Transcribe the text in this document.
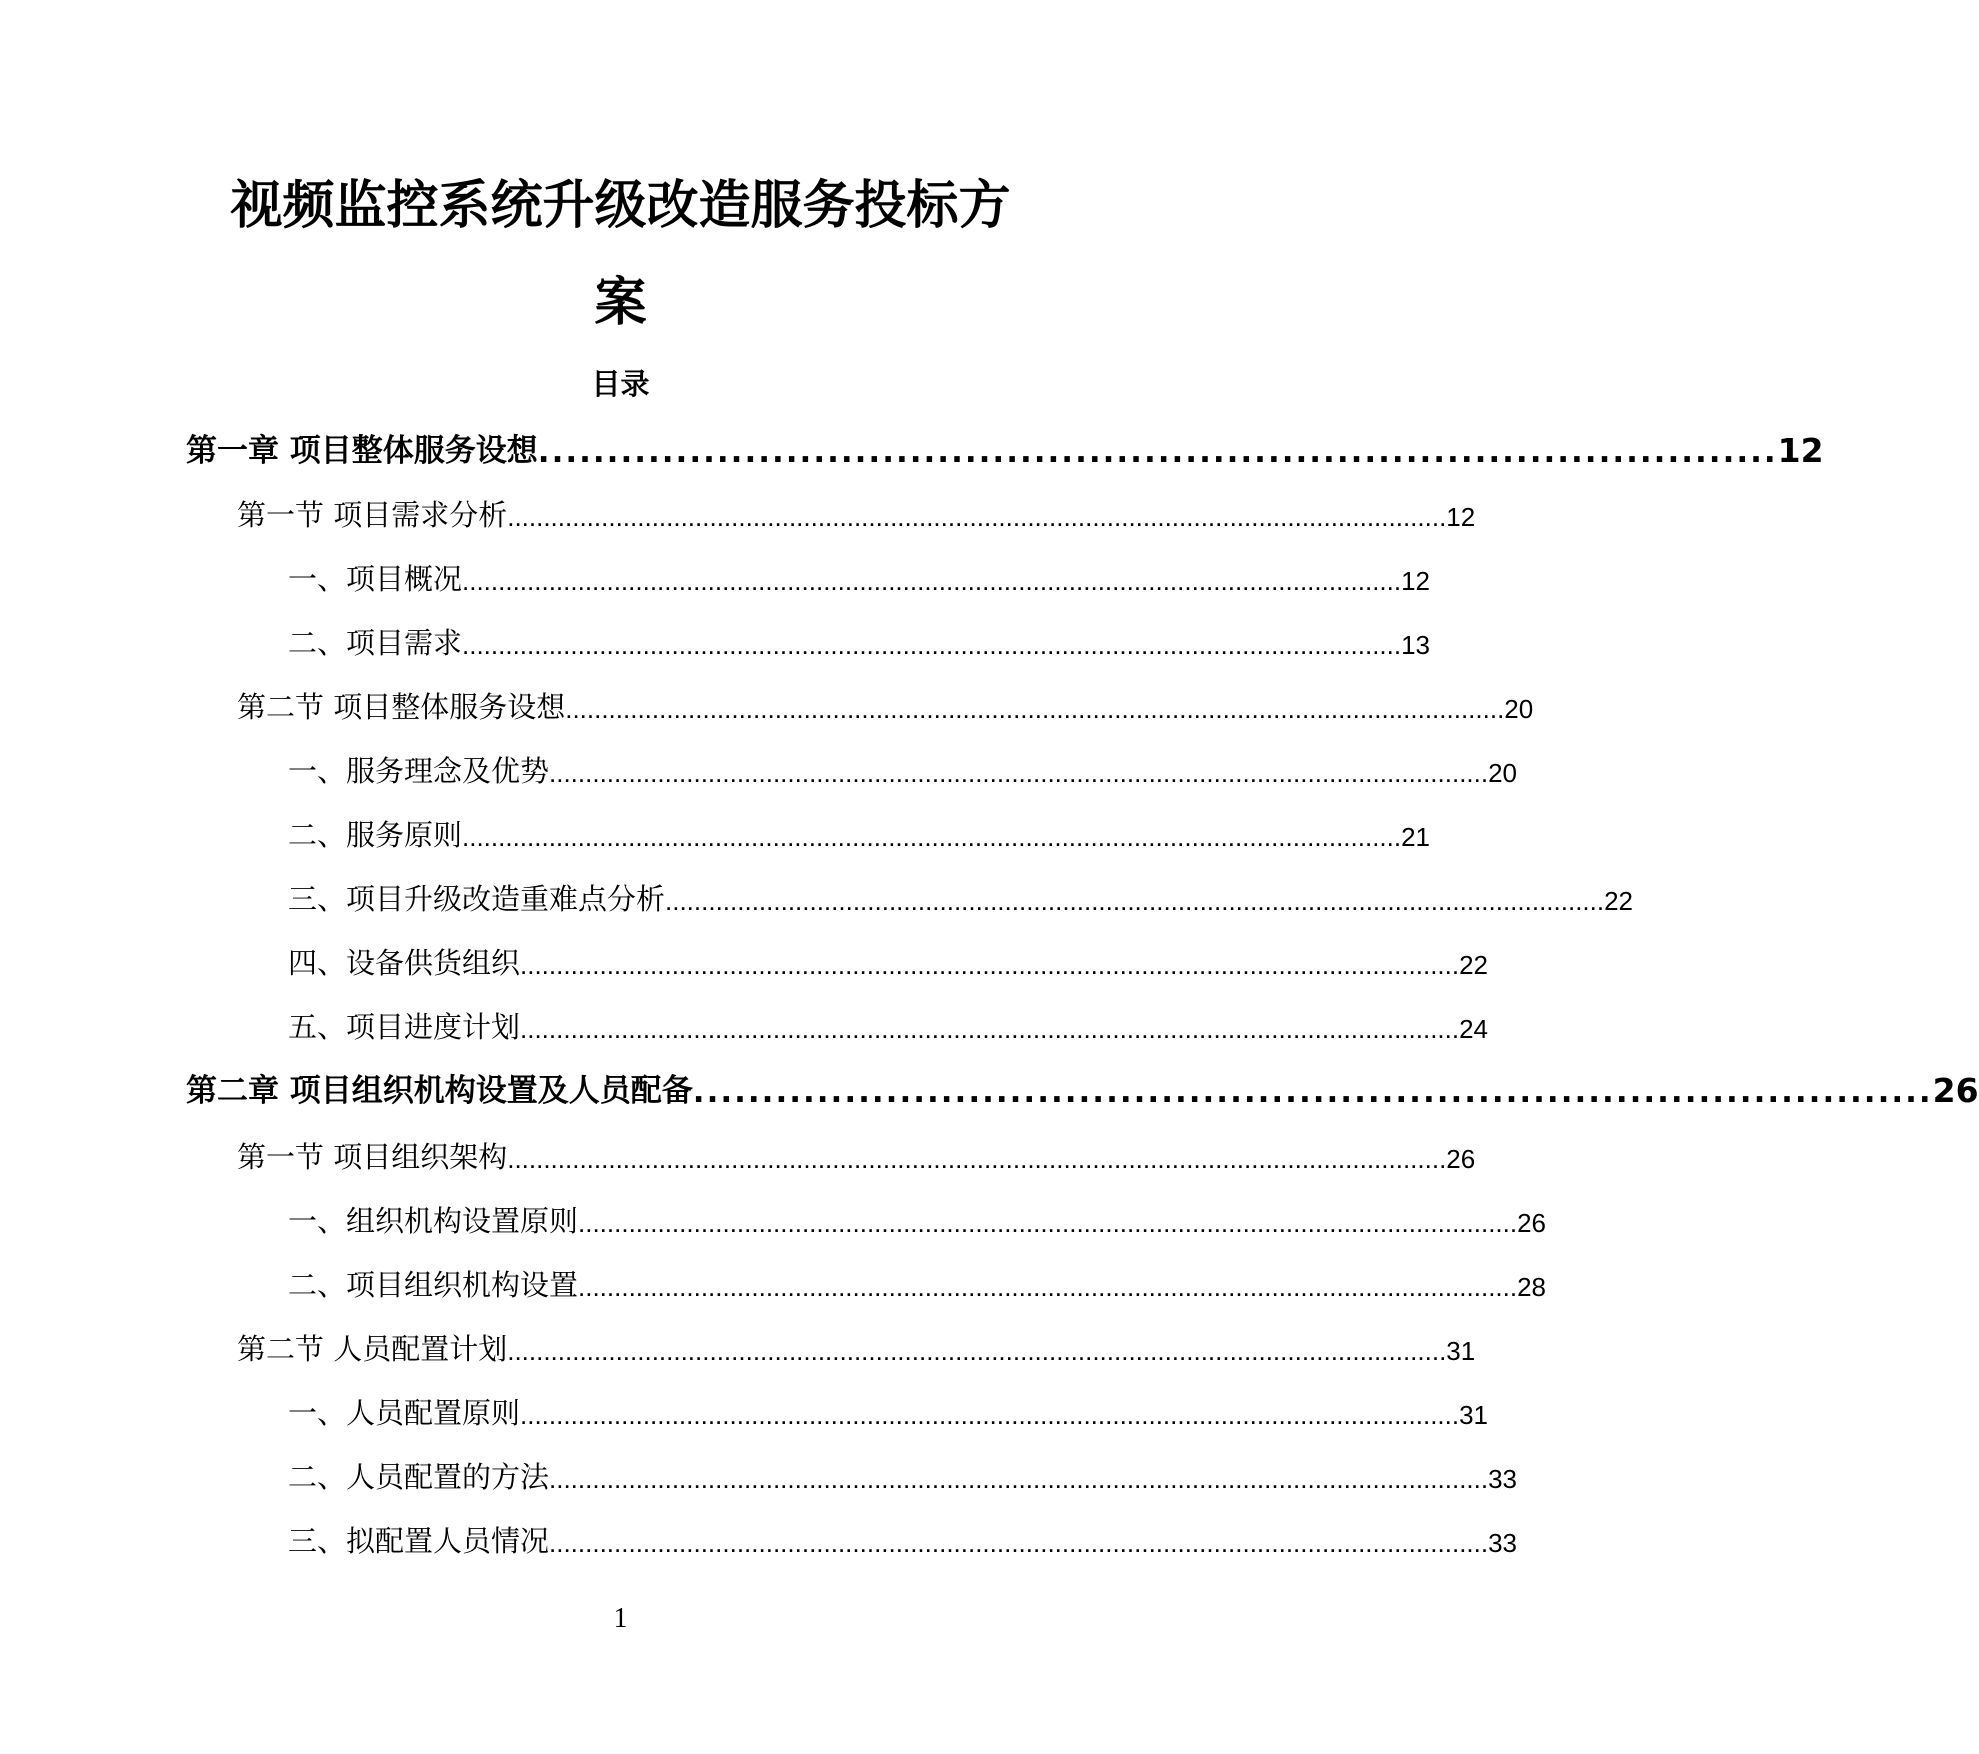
视频监控系统升级改造服务投标方
案
目录
第一章 项目整体服务设想 .......................................................................................... 12
第一节 项目需求分析 .................................................................................................................................. 12
一、项目概况 .................................................................................................................................. 12
二、项目需求 .................................................................................................................................. 13
第二节 项目整体服务设想 .................................................................................................................................. 20
一、服务理念及优势 .................................................................................................................................. 20
二、服务原则 .................................................................................................................................. 21
三、项目升级改造重难点分析 .................................................................................................................................. 22
四、设备供货组织 .................................................................................................................................. 22
五、项目进度计划 .................................................................................................................................. 24
第二章 项目组织机构设置及人员配备 .......................................................................................... 26
第一节 项目组织架构 .................................................................................................................................. 26
一、组织机构设置原则 .................................................................................................................................. 26
二、项目组织机构设置 .................................................................................................................................. 28
第二节 人员配置计划 .................................................................................................................................. 31
一、人员配置原则 .................................................................................................................................. 31
二、人员配置的方法 .................................................................................................................................. 33
三、拟配置人员情况 .................................................................................................................................. 33
1
